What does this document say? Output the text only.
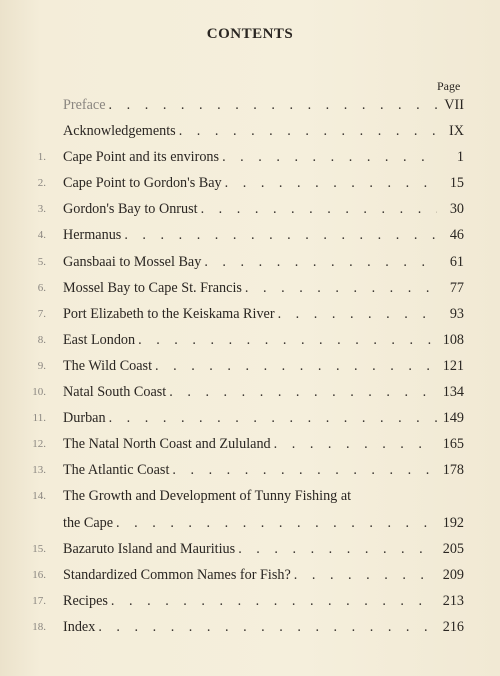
CONTENTS
Page
Preface . . .	VII
Acknowledgements . . .	IX
1. Cape Point and its environs . . .	1
2. Cape Point to Gordon's Bay . . .	15
3. Gordon's Bay to Onrust . . .	30
4. Hermanus . . .	46
5. Gansbaai to Mossel Bay . . .	61
6. Mossel Bay to Cape St. Francis . . .	77
7. Port Elizabeth to the Keiskama River . . .	93
8. East London . . .	108
9. The Wild Coast . . .	121
10. Natal South Coast . . .	134
11. Durban . . .	149
12. The Natal North Coast and Zululand . . .	165
13. The Atlantic Coast . . .	178
14. The Growth and Development of Tunny Fishing at
the Cape . . .	192
15. Bazaruto Island and Mauritius . . .	205
16. Standardized Common Names for Fish? . . .	209
17. Recipes . . .	213
18. Index . . .	216
